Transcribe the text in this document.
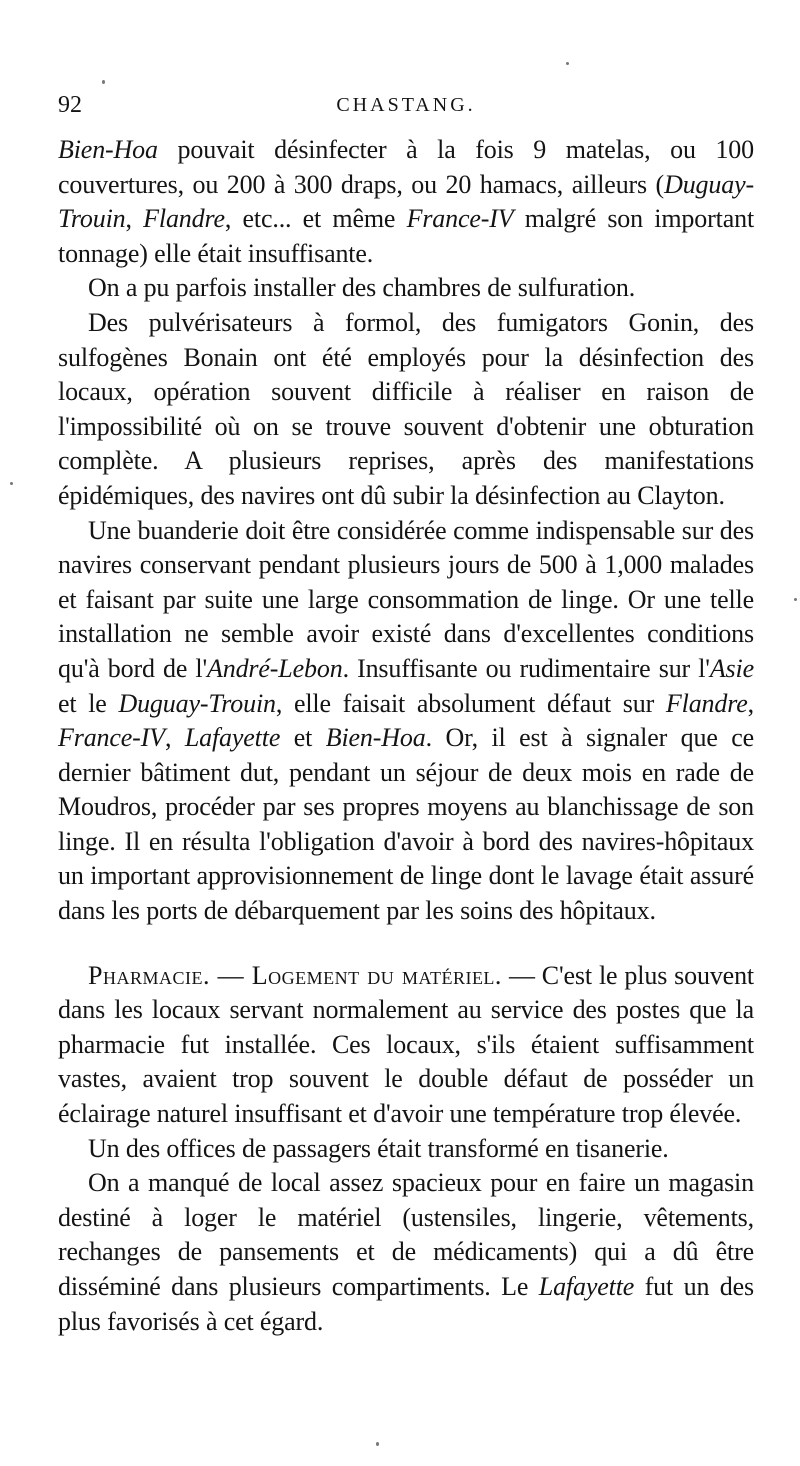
92	CHASTANG.

Bien-Hoa pouvait désinfecter à la fois 9 matelas, ou 100 couvertures, ou 200 à 300 draps, ou 20 hamacs, ailleurs (Duguay-Trouin, Flandre, etc... et même France-IV malgré son important tonnage) elle était insuffisante.

On a pu parfois installer des chambres de sulfuration.

Des pulvérisateurs à formol, des fumigators Gonin, des sulfogènes Bonain ont été employés pour la désinfection des locaux, opération souvent difficile à réaliser en raison de l'impossibilité où on se trouve souvent d'obtenir une obturation complète. A plusieurs reprises, après des manifestations épidémiques, des navires ont dû subir la désinfection au Clayton.

Une buanderie doit être considérée comme indispensable sur des navires conservant pendant plusieurs jours de 500 à 1,000 malades et faisant par suite une large consommation de linge. Or une telle installation ne semble avoir existé dans d'excellentes conditions qu'à bord de l'André-Lebon. Insuffisante ou rudimentaire sur l'Asie et le Duguay-Trouin, elle faisait absolument défaut sur Flandre, France-IV, Lafayette et Bien-Hoa. Or, il est à signaler que ce dernier bâtiment dut, pendant un séjour de deux mois en rade de Moudros, procéder par ses propres moyens au blanchissage de son linge. Il en résulta l'obligation d'avoir à bord des navires-hôpitaux un important approvisionnement de linge dont le lavage était assuré dans les ports de débarquement par les soins des hôpitaux.

Pharmacie. — Logement du matériel. — C'est le plus souvent dans les locaux servant normalement au service des postes que la pharmacie fut installée. Ces locaux, s'ils étaient suffisamment vastes, avaient trop souvent le double défaut de posséder un éclairage naturel insuffisant et d'avoir une température trop élevée.

Un des offices de passagers était transformé en tisanerie.

On a manqué de local assez spacieux pour en faire un magasin destiné à loger le matériel (ustensiles, lingerie, vêtements, rechanges de pansements et de médicaments) qui a dû être disséminé dans plusieurs compartiments. Le Lafayette fut un des plus favorisés à cet égard.
